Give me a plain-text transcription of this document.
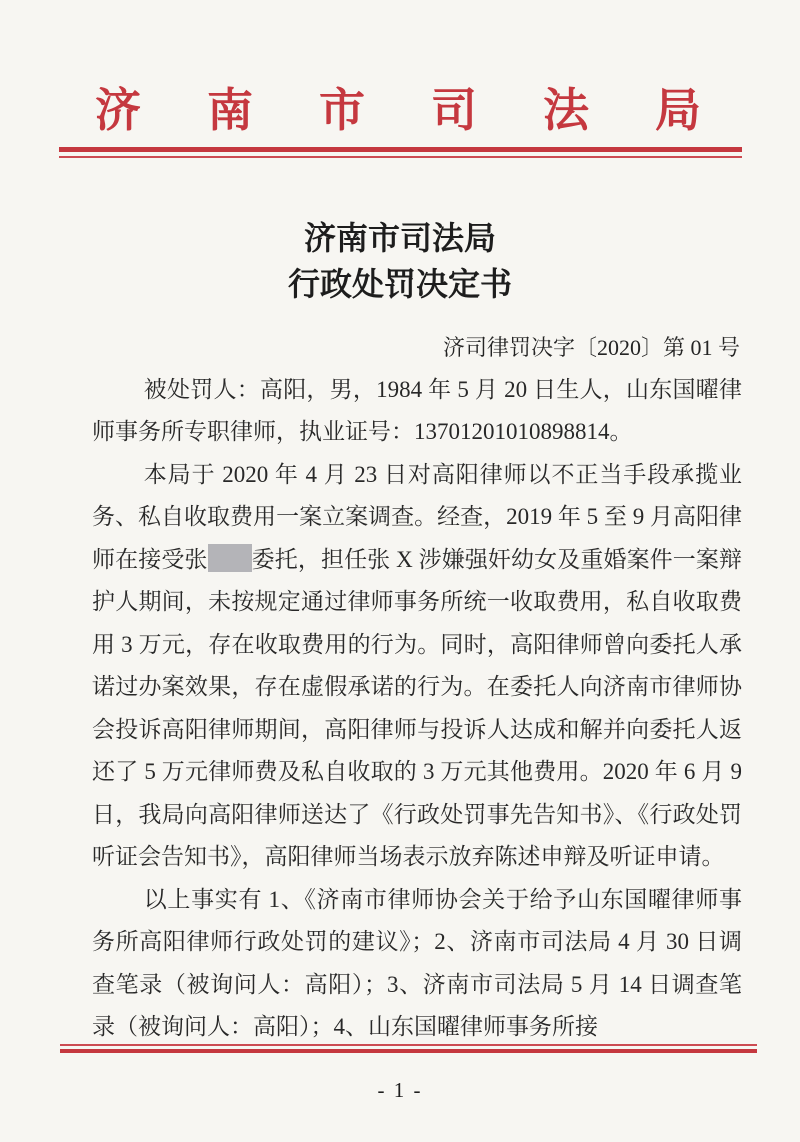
济南市司法局
济南市司法局
行政处罚决定书
济司律罚决字〔2020〕第 01 号

被处罚人：高阳，男，1984 年 5 月 20 日生人，山东国曜律师事务所专职律师，执业证号：13701201010898814。

本局于 2020 年 4 月 23 日对高阳律师以不正当手段承揽业务、私自收取费用一案立案调查。经查，2019 年 5 至 9 月高阳律师在接受张 委托，担任张 X 涉嫌强奸幼女及重婚案件一案辩护人期间，未按规定通过律师事务所统一收取费用，私自收取费用 3 万元，存在收取费用的行为。同时，高阳律师曾向委托人承诺过办案效果，存在虚假承诺的行为。在委托人向济南市律师协会投诉高阳律师期间，高阳律师与投诉人达成和解并向委托人返还了 5 万元律师费及私自收取的 3 万元其他费用。2020 年 6 月 9 日，我局向高阳律师送达了《行政处罚事先告知书》、《行政处罚听证会告知书》，高阳律师当场表示放弃陈述申辩及听证申请。

以上事实有 1、《济南市律师协会关于给予山东国曜律师事务所高阳律师行政处罚的建议》；2、济南市司法局 4 月 30 日调查笔录（被询问人：高阳）；3、济南市司法局 5 月 14 日调查笔录（被询问人：高阳）；4、山东国曜律师事务所接

- 1 -
